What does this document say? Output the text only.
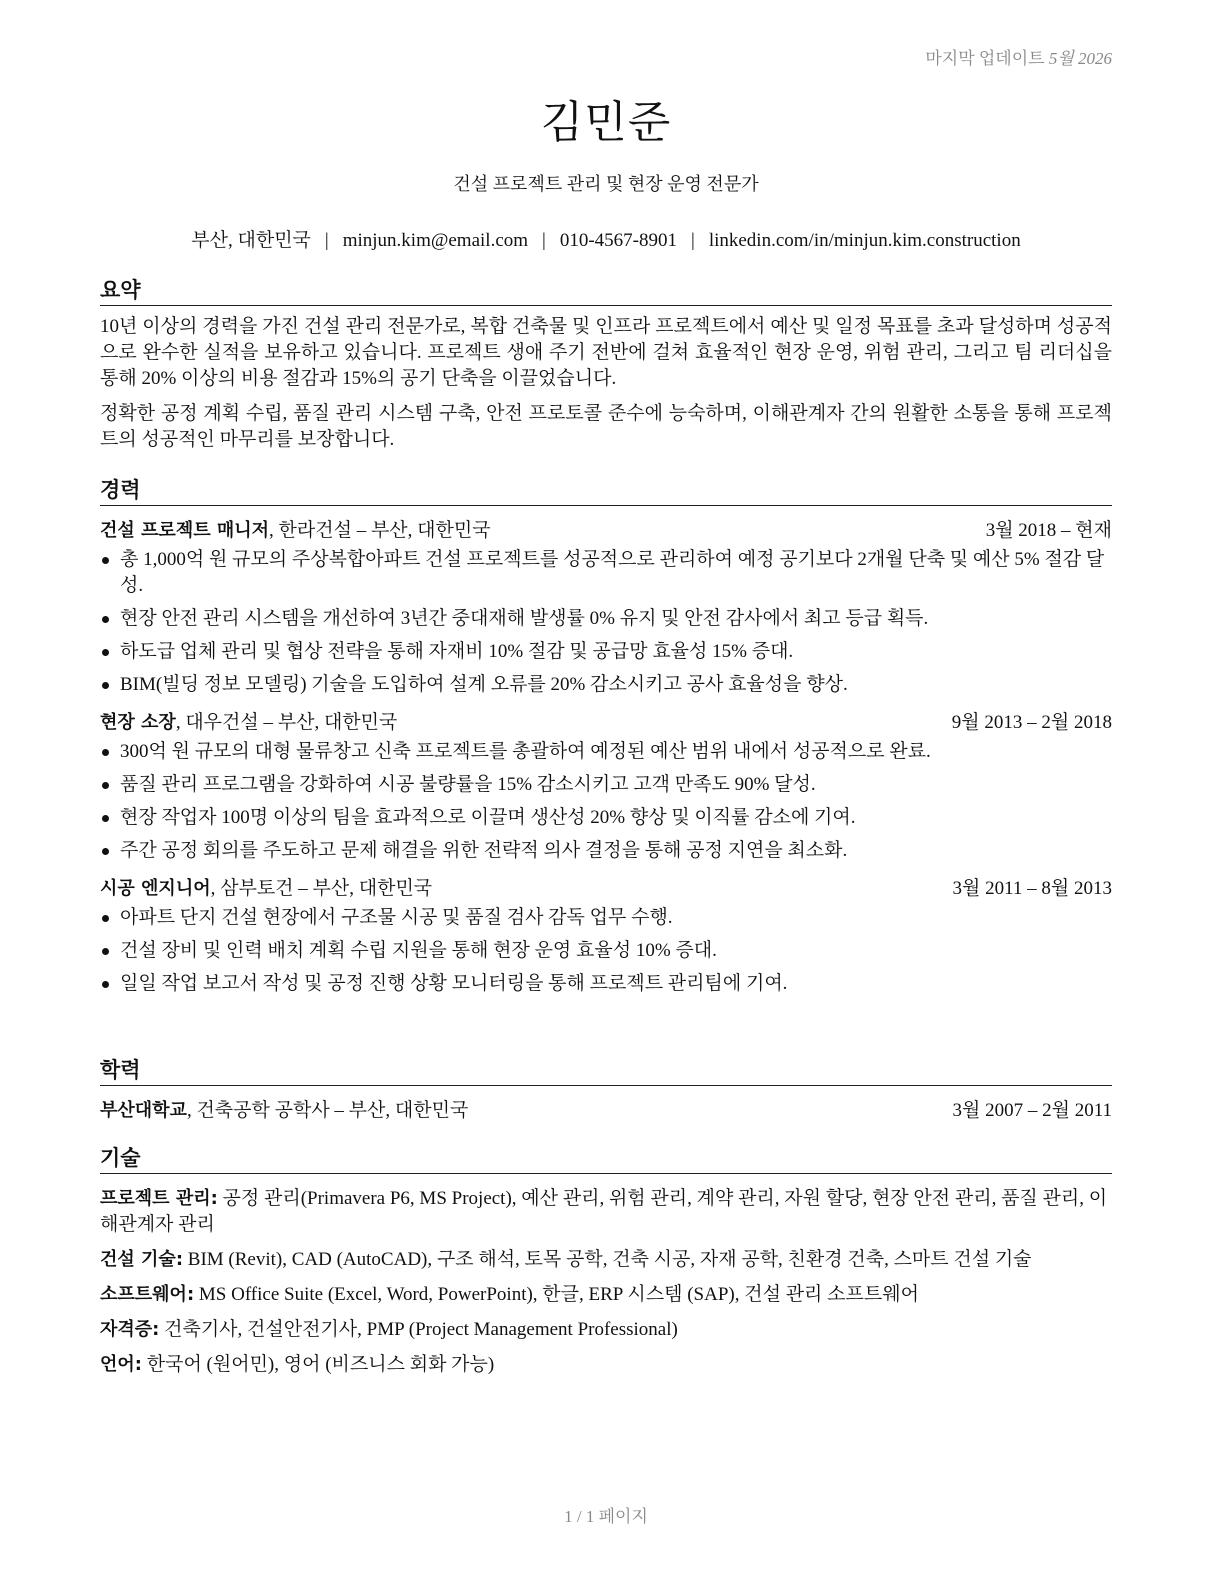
마지막 업데이트 5월 2026
김민준
건설 프로젝트 관리 및 현장 운영 전문가
부산, 대한민국 | minjun.kim@email.com | 010-4567-8901 | linkedin.com/in/minjun.kim.construction
요약

10년 이상의 경력을 가진 건설 관리 전문가로, 복합 건축물 및 인프라 프로젝트에서 예산 및 일정 목표를 초과 달성하며 성공적으로 완수한 실적을 보유하고 있습니다. 프로젝트 생애 주기 전반에 걸쳐 효율적인 현장 운영, 위험 관리, 그리고 팀 리더십을 통해 20% 이상의 비용 절감과 15%의 공기 단축을 이끌었습니다.

정확한 공정 계획 수립, 품질 관리 시스템 구축, 안전 프로토콜 준수에 능숙하며, 이해관계자 간의 원활한 소통을 통해 프로젝트의 성공적인 마무리를 보장합니다.

경력
건설 프로젝트 매니저, 한라건설 – 부산, 대한민국	3월 2018 – 현재
총 1,000억 원 규모의 주상복합아파트 건설 프로젝트를 성공적으로 관리하여 예정 공기보다 2개월 단축 및 예산 5% 절감 달성.
현장 안전 관리 시스템을 개선하여 3년간 중대재해 발생률 0% 유지 및 안전 감사에서 최고 등급 획득.
하도급 업체 관리 및 협상 전략을 통해 자재비 10% 절감 및 공급망 효율성 15% 증대.
BIM(빌딩 정보 모델링) 기술을 도입하여 설계 오류를 20% 감소시키고 공사 효율성을 향상.
현장 소장, 대우건설 – 부산, 대한민국	9월 2013 – 2월 2018
300억 원 규모의 대형 물류창고 신축 프로젝트를 총괄하여 예정된 예산 범위 내에서 성공적으로 완료.
품질 관리 프로그램을 강화하여 시공 불량률을 15% 감소시키고 고객 만족도 90% 달성.
현장 작업자 100명 이상의 팀을 효과적으로 이끌며 생산성 20% 향상 및 이직률 감소에 기여.
주간 공정 회의를 주도하고 문제 해결을 위한 전략적 의사 결정을 통해 공정 지연을 최소화.
시공 엔지니어, 삼부토건 – 부산, 대한민국	3월 2011 – 8월 2013
아파트 단지 건설 현장에서 구조물 시공 및 품질 검사 감독 업무 수행.
건설 장비 및 인력 배치 계획 수립 지원을 통해 현장 운영 효율성 10% 증대.
일일 작업 보고서 작성 및 공정 진행 상황 모니터링을 통해 프로젝트 관리팀에 기여.
학력
부산대학교, 건축공학 공학사 – 부산, 대한민국	3월 2007 – 2월 2011
기술
프로젝트 관리: 공정 관리(Primavera P6, MS Project), 예산 관리, 위험 관리, 계약 관리, 자원 할당, 현장 안전 관리, 품질 관리, 이해관계자 관리
건설 기술: BIM (Revit), CAD (AutoCAD), 구조 해석, 토목 공학, 건축 시공, 자재 공학, 친환경 건축, 스마트 건설 기술
소프트웨어: MS Office Suite (Excel, Word, PowerPoint), 한글, ERP 시스템 (SAP), 건설 관리 소프트웨어
자격증: 건축기사, 건설안전기사, PMP (Project Management Professional)
언어: 한국어 (원어민), 영어 (비즈니스 회화 가능)
1 / 1 페이지
